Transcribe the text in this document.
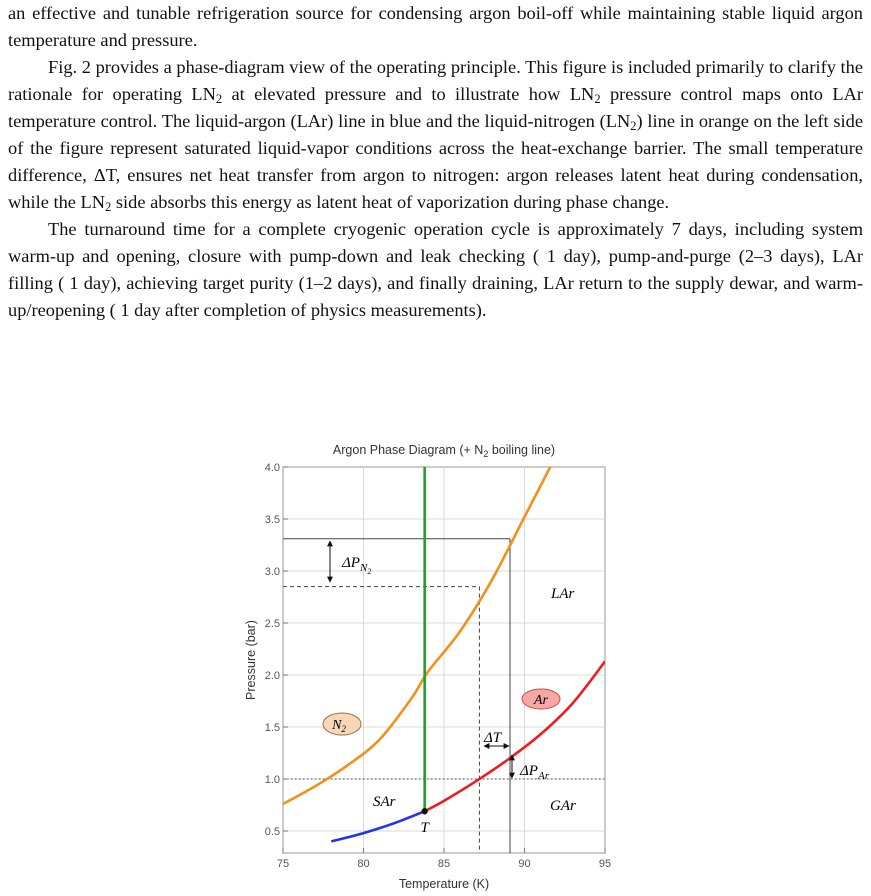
an effective and tunable refrigeration source for condensing argon boil-off while maintaining stable liquid argon temperature and pressure.

Fig. 2 provides a phase-diagram view of the operating principle. This figure is included primarily to clarify the rationale for operating $LN_2$ at elevated pressure and to illustrate how $LN_2$ pressure control maps onto LAr temperature control. The liquid-argon (LAr) line in blue and the liquid-nitrogen $(LN_2)$ line in orange on the left side of the figure represent saturated liquid-vapor conditions across the heat-exchange barrier. The small temperature difference, ΔT, ensures net heat transfer from argon to nitrogen: argon releases latent heat during condensation, while the $LN_2$ side absorbs this energy as latent heat of vaporization during phase change.

The turnaround time for a complete cryogenic operation cycle is approximately 7 days, including system warm-up and opening, closure with pump-down and leak checking ( 1 day), pump-and-purge (2–3 days), LAr filling ( 1 day), achieving target purity (1–2 days), and finally draining, LAr return to the supply dewar, and warm-up/reopening ( 1 day after completion of physics measurements).

75	80	85	90	95
0.5
1.0
1.5
2.0
2.5
3.0
3.5
4.0
Argon Phase Diagram (+ $N_2$ boiling line)
Temperature (K)
Pressure (bar)
$\Delta P_{N2}$
LAr
Ar
$N_2$
ΔT
$\Delta P_{Ar}$
SAr	GAr
T
